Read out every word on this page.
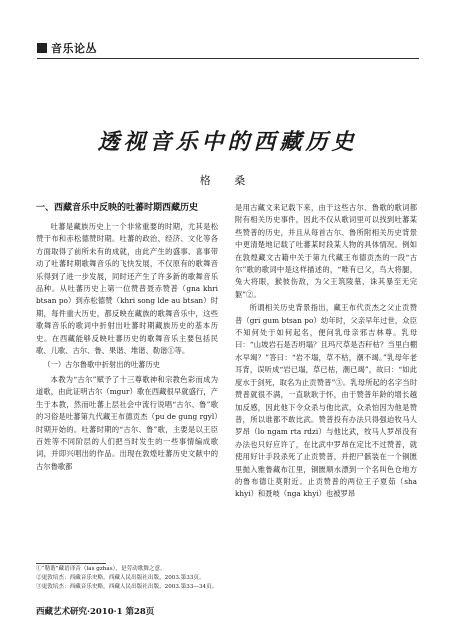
音乐论丛
透视音乐中的西藏历史
格 桑
一、西藏音乐中反映的吐蕃时期西藏历史

吐蕃是藏族历史上一个非常重要的时期，尤其是松赞干布和赤松德赞时期。吐蕃的政治、经济、文化等各方面取得了前所未有的成就，由此产生的盛事、喜事带动了吐蕃时期歌舞音乐的飞快发展，不仅原有的歌舞音乐得到了进一步发展，同时还产生了许多新的歌舞音乐品种。从吐蕃历史上第一位赞普聂赤赞普（gna khri btsan po）到赤松德赞（khri song lde au btsan）时期，每件重大历史，都反映在藏族的歌舞音乐中，这些歌舞音乐的歌词中折射出吐蕃时期藏族历史的基本历史。在西藏能够反映吐蕃历史的歌舞音乐主要包括民歌、儿歌、古尔、鲁、果谐、堆谐、勒谐①等。

（一）古尔鲁歌中折射出的吐蕃历史

本教为“古尔”赋予了十三尊歌神和宗教色彩而成为道歌，由此证明古尔（mgur）歌在西藏很早就盛行，产生于本教，然而吐蕃上层社会中流行说唱“古尔、鲁”歌的习俗是吐蕃第九代藏王布德贡杰（pu de gung rgyl）时期开始的。吐蕃时期的“古尔、鲁”歌，主要是以王臣百姓等不同阶层的人们把当时发生的一些事情编成歌词，并即兴唱出的作品。出现在敦煌吐蕃历史文献中的古尔鲁歌都

是用古藏文来记载下来，由于这些古尔、鲁歌的歌词都附有相关历史事件，因此不仅从歌词里可以找到吐蕃某些赞普的历史，并且从每首古尔、鲁所附相关历史背景中更清楚地记载了吐蕃某时段某人物的具体情况。例如在敦煌藏文古籍中关于第九代藏王布德贡杰的一段“古尔”歌的歌词中是这样描述的，“唯有已父，鸟大将腿，兔大将眼，猴彼伤敌，为父王筑陵墓，诛其暴至无完躯”②。

所谓相关历史背景指出，藏王布代贡杰之父止贡赞普（gri gum btsan po）幼年时，父亲早年过世，众臣不知何处于如何起名，便问乳母亲邪吉林尊。乳母曰：“山坡岩石是否坍塌？且玛尺草是否秆枯？当里白棚水早竭？”答曰：“岩不塌，草不枯，潮不竭。”乳母年老耳背，误听成“岩已塌，草已枯，潮已竭”，故曰：“如此度水于剑死，取名为止贡赞普”③。乳母所起的名字当时赞普就很不满，一直耿耿于怀，由于赞普年龄的增长越加反感，因此他下令众杀与他比武，众杀怕因为他是赞普，所以谁都不敢比武。赞普投有办法只得强迫牧马人罗昂（lo ngam rta rdzi）与他比武，牧马人罗昂没有办法也只好应许了，在比武中罗昂在定比不过赞普，就使用好计手段杀死了止贡赞普，并把尸骸装在一个铜匮里抛入雅鲁藏布江里，铜匮顺水漂到一个名叫色仓地方的鲁布德让莫附近。止贡赞普的两位王子夏茹（sha khyi）和聂岐（nga khyi）也被罗昂

①“勒谐”藏语译音（las gzhas），是劳动歌舞之意。
②更敦培杰：西藏音乐史略，西藏人民出版社出版，2003.第33页。
③更敦培杰：西藏音乐史略，西藏人民出版社出版，2003.第33—34页。
西藏艺术研究·2010·1 第28页
